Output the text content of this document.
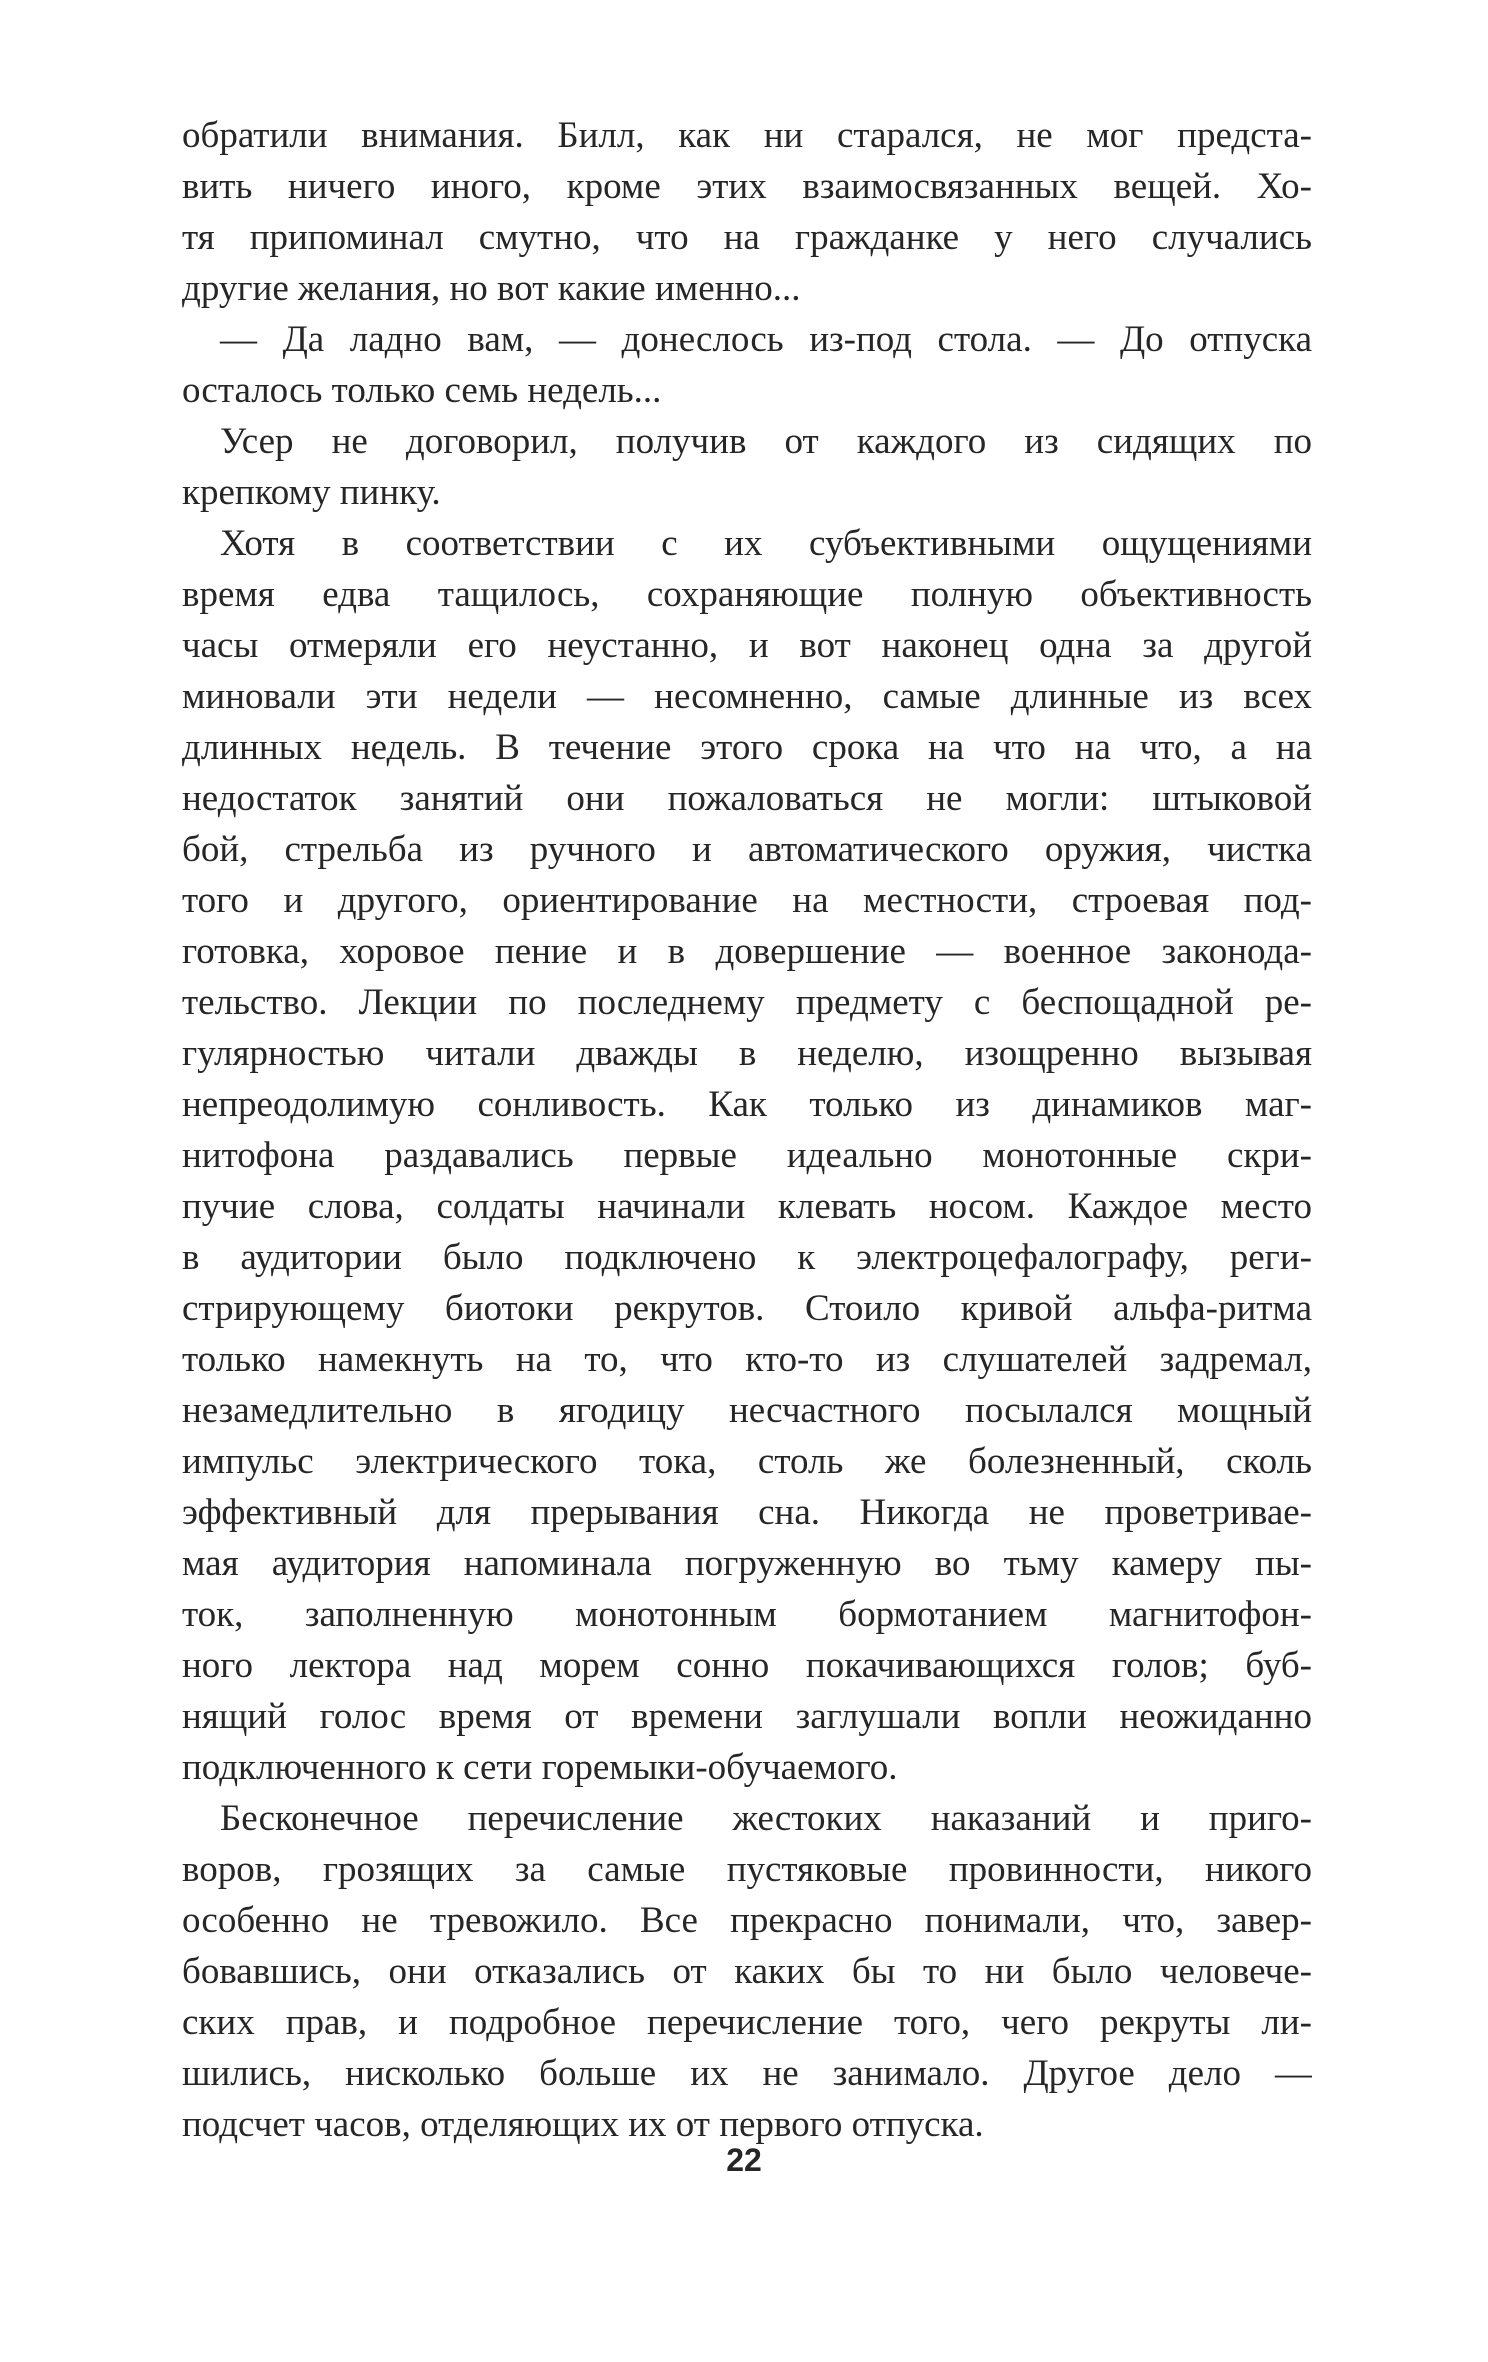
обратили внимания. Билл, как ни старался, не мог предста-
вить ничего иного, кроме этих взаимосвязанных вещей. Хо-
тя припоминал смутно, что на гражданке у него случались
другие желания, но вот какие именно...
— Да ладно вам, — донеслось из-под стола. — До отпуска
осталось только семь недель...
Усер не договорил, получив от каждого из сидящих по
крепкому пинку.
Хотя в соответствии с их субъективными ощущениями
время едва тащилось, сохраняющие полную объективность
часы отмеряли его неустанно, и вот наконец одна за другой
миновали эти недели — несомненно, самые длинные из всех
длинных недель. В течение этого срока на что на что, а на
недостаток занятий они пожаловаться не могли: штыковой
бой, стрельба из ручного и автоматического оружия, чистка
того и другого, ориентирование на местности, строевая под-
готовка, хоровое пение и в довершение — военное законода-
тельство. Лекции по последнему предмету с беспощадной ре-
гулярностью читали дважды в неделю, изощренно вызывая
непреодолимую сонливость. Как только из динамиков маг-
нитофона раздавались первые идеально монотонные скри-
пучие слова, солдаты начинали клевать носом. Каждое место
в аудитории было подключено к электроцефалографу, реги-
стрирующему биотоки рекрутов. Стоило кривой альфа-ритма
только намекнуть на то, что кто-то из слушателей задремал,
незамедлительно в ягодицу несчастного посылался мощный
импульс электрического тока, столь же болезненный, сколь
эффективный для прерывания сна. Никогда не проветривае-
мая аудитория напоминала погруженную во тьму камеру пы-
ток, заполненную монотонным бормотанием магнитофон-
ного лектора над морем сонно покачивающихся голов; буб-
нящий голос время от времени заглушали вопли неожиданно
подключенного к сети горемыки-обучаемого.
Бесконечное перечисление жестоких наказаний и приго-
воров, грозящих за самые пустяковые провинности, никого
особенно не тревожило. Все прекрасно понимали, что, завер-
бовавшись, они отказались от каких бы то ни было человече-
ских прав, и подробное перечисление того, чего рекруты ли-
шились, нисколько больше их не занимало. Другое дело —
подсчет часов, отделяющих их от первого отпуска.
22
